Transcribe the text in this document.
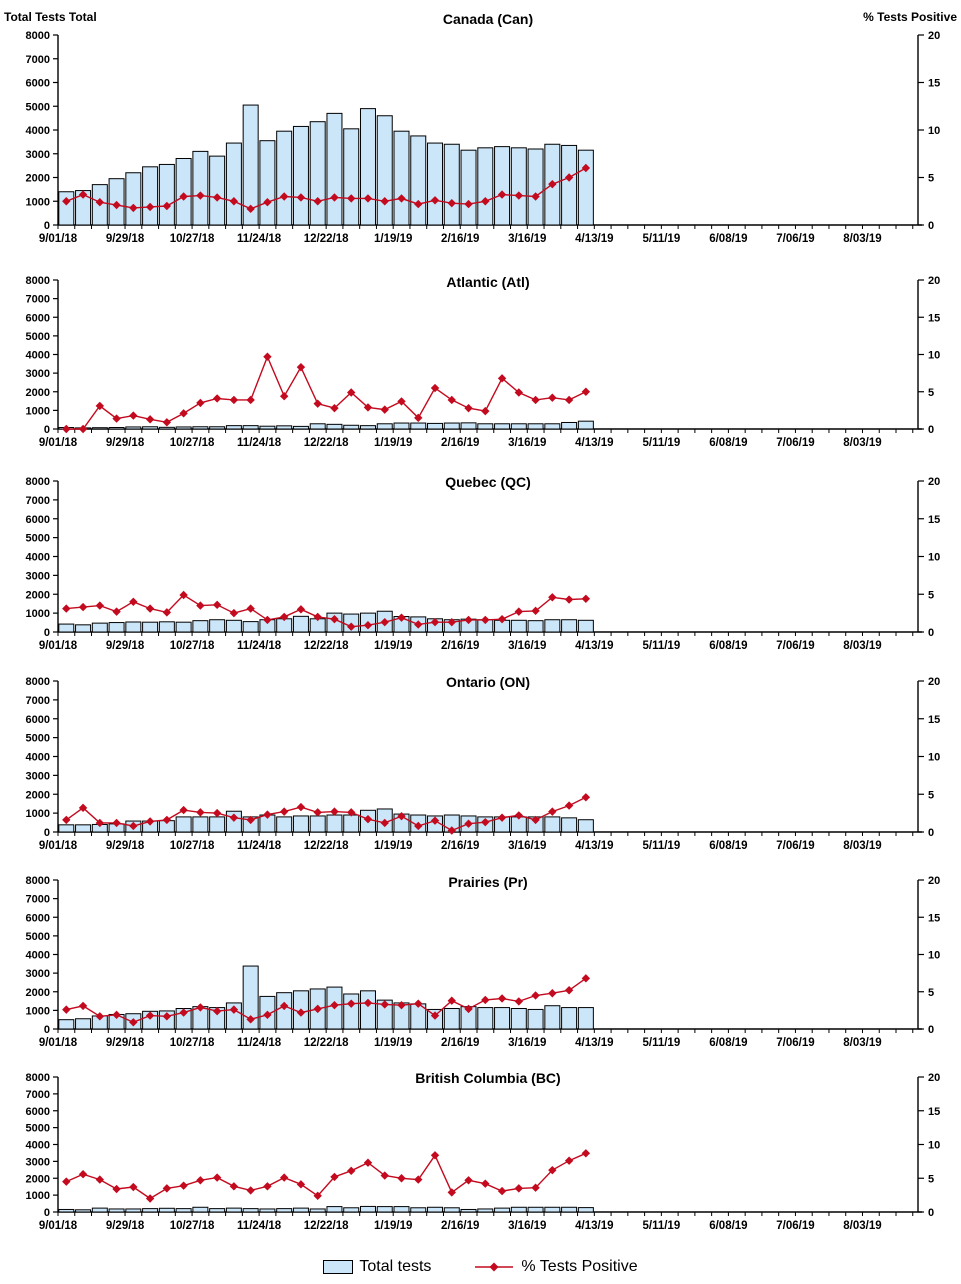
Total Tests Total	% Tests Positive
Canada (Can)
0
1000
2000
3000
4000
5000
6000
7000
8000
0
5
10
15
20
9/01/18 9/29/18 10/27/18 11/24/18 12/22/18 1/19/19 2/16/19 3/16/19 4/13/19	5/11/19	6/08/19 7/06/19 8/03/19
Atlantic (Atl)
0
1000
2000
3000
4000
5000
6000
7000
8000
0
5
10
15
20
9/01/18 9/29/18 10/27/18 11/24/18 12/22/18 1/19/19 2/16/19 3/16/19 4/13/19	5/11/19	6/08/19 7/06/19 8/03/19
Quebec (QC)
0
1000
2000
3000
4000
5000
6000
7000
8000
0
5
10
15
20
9/01/18 9/29/18 10/27/18 11/24/18 12/22/18 1/19/19 2/16/19 3/16/19 4/13/19	5/11/19	6/08/19 7/06/19 8/03/19
Ontario (ON)
0
1000
2000
3000
4000
5000
6000
7000
8000
0
5
10
15
20
9/01/18 9/29/18 10/27/18 11/24/18 12/22/18 1/19/19 2/16/19 3/16/19 4/13/19	5/11/19	6/08/19 7/06/19 8/03/19
Prairies (Pr)
0
1000
2000
3000
4000
5000
6000
7000
8000
0
5
10
15
20
9/01/18 9/29/18 10/27/18 11/24/18 12/22/18 1/19/19 2/16/19 3/16/19 4/13/19	5/11/19	6/08/19 7/06/19 8/03/19
British Columbia (BC)
0
1000
2000
3000
4000
5000
6000
7000
8000
0
5
10
15
20
9/01/18 9/29/18 10/27/18 11/24/18 12/22/18 1/19/19 2/16/19 3/16/19 4/13/19	5/11/19	6/08/19 7/06/19 8/03/19
Total tests	% Tests Positive
